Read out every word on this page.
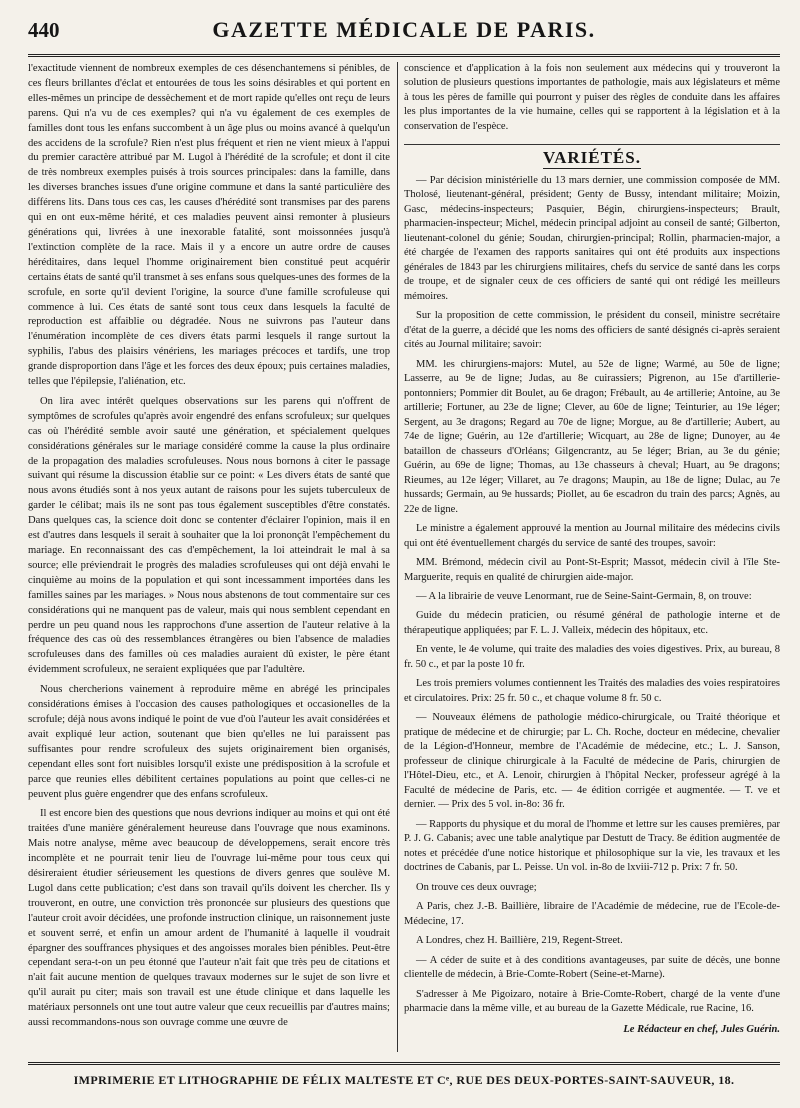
440	GAZETTE MÉDICALE DE PARIS.

l'exactitude viennent de nombreux exemples de ces désenchantemens si pénibles, de ces fleurs brillantes d'éclat et entourées de tous les soins désirables et qui portent en elles-mêmes un principe de dessèchement et de mort rapide qu'elles ont reçu de leurs parens. Qui n'a vu de ces exemples? qui n'a vu également de ces exemples de familles dont tous les enfans succombent à un âge plus ou moins avancé à quelqu'un des accidens de la scrofule? Rien n'est plus fréquent et rien ne vient mieux à l'appui du premier caractère attribué par M. Lugol à l'hérédité de la scrofule; et dont il cite de très nombreux exemples puisés à trois sources principales: dans la famille, dans les diverses branches issues d'une origine commune et dans la santé particulière des différens lits. Dans tous ces cas, les causes d'hérédité sont transmises par des parens qui en ont eux-même hérité, et ces maladies peuvent ainsi remonter à plusieurs générations qui, livrées à une inexorable fatalité, sont moissonnées jusqu'à l'extinction complète de la race. Mais il y a encore un autre ordre de causes héréditaires, dans lequel l'homme originairement bien constitué peut acquérir certains états de santé qu'il transmet à ses enfans sous quelques-unes des formes de la scrofule, en sorte qu'il devient l'origine, la source d'une famille scrofuleuse qui commence à lui. Ces états de santé sont tous ceux dans lesquels la faculté de reproduction est affaiblie ou dégradée. Nous ne suivrons pas l'auteur dans l'énumération incomplète de ces divers états parmi lesquels il range surtout la syphilis, l'abus des plaisirs vénériens, les mariages précoces et tardifs, une trop grande disproportion dans l'âge et les forces des deux époux; puis certaines maladies, telles que l'épilepsie, l'aliénation, etc.

On lira avec intérêt quelques observations sur les parens qui n'offrent de symptômes de scrofules qu'après avoir engendré des enfans scrofuleux; sur quelques cas où l'hérédité semble avoir sauté une génération, et spécialement quelques considérations générales sur le mariage considéré comme la cause la plus ordinaire de la propagation des maladies scrofuleuses. Nous nous bornons à citer le passage suivant qui résume la discussion établie sur ce point: « Les divers états de santé que nous avons étudiés sont à nos yeux autant de raisons pour les sujets tuberculeux de garder le célibat; mais ils ne sont pas tous également susceptibles d'être constatés. Dans quelques cas, la science doit donc se contenter d'éclairer l'opinion, mais il en est d'autres dans lesquels il serait à souhaiter que la loi prononçât l'empêchement du mariage. En reconnaissant des cas d'empêchement, la loi atteindrait le mal à sa source; elle préviendrait le progrès des maladies scrofuleuses qui ont déjà envahi le cinquième au moins de la population et qui sont incessamment importées dans les familles saines par les mariages. » Nous nous abstenons de tout commentaire sur ces considérations qui ne manquent pas de valeur, mais qui nous semblent cependant en perdre un peu quand nous les rapprochons d'une assertion de l'auteur relative à la fréquence des cas où des ressemblances étrangères ou bien l'absence de maladies scrofuleuses dans des familles où ces maladies auraient dû exister, le père étant évidemment scrofuleux, ne seraient expliquées que par l'adultère.

Nous chercherions vainement à reproduire même en abrégé les principales considérations émises à l'occasion des causes pathologiques et occasionelles de la scrofule; déjà nous avons indiqué le point de vue d'où l'auteur les avait considérées et avait expliqué leur action, soutenant que bien qu'elles ne lui paraissent pas suffisantes pour rendre scrofuleux des sujets originairement bien organisés, cependant elles sont fort nuisibles lorsqu'il existe une prédisposition à la scrofule et parce que reunies elles débilitent certaines populations au point que celles-ci ne peuvent plus guère engendrer que des enfans scrofuleux.

Il est encore bien des questions que nous devrions indiquer au moins et qui ont été traitées d'une manière généralement heureuse dans l'ouvrage que nous examinons. Mais notre analyse, même avec beaucoup de développemens, serait encore très incomplète et ne pourrait tenir lieu de l'ouvrage lui-même pour tous ceux qui désireraient étudier sérieusement les questions de divers genres que soulève M. Lugol dans cette publication; c'est dans son travail qu'ils doivent les chercher. Ils y trouveront, en outre, une conviction très prononcée sur plusieurs des questions que l'auteur croit avoir décidées, une profonde instruction clinique, un raisonnement juste et souvent serré, et enfin un amour ardent de l'humanité à laquelle il voudrait épargner des souffrances physiques et des angoisses morales bien pénibles. Peut-être cependant sera-t-on un peu étonné que l'auteur n'ait fait que très peu de citations et n'ait fait aucune mention de quelques travaux modernes sur le sujet de son livre et qu'il aurait pu citer; mais son travail est une étude clinique et dans laquelle les matériaux personnels ont une tout autre valeur que ceux recueillis par d'autres mains; aussi recommandons-nous son ouvrage comme une œuvre de

conscience et d'application à la fois non seulement aux médecins qui y trouveront la solution de plusieurs questions importantes de pathologie, mais aux législateurs et même à tous les pères de famille qui pourront y puiser des règles de conduite dans les affaires les plus importantes de la vie humaine, celles qui se rapportent à la législation et à la conservation de l'espèce.

VARIÉTÉS.

— Par décision ministérielle du 13 mars dernier, une commission composée de MM. Tholosé, lieutenant-général, président; Genty de Bussy, intendant militaire; Moizin, Gasc, médecins-inspecteurs; Pasquier, Bégin, chirurgiens-inspecteurs; Brault, pharmacien-inspecteur; Michel, médecin principal adjoint au conseil de santé; Gilberton, lieutenant-colonel du génie; Soudan, chirurgien-principal; Rollin, pharmacien-major, a été chargée de l'examen des rapports sanitaires qui ont été produits aux inspections générales de 1843 par les chirurgiens militaires, chefs du service de santé dans les corps de troupe, et de signaler ceux de ces officiers de santé qui ont rédigé les meilleurs mémoires.

Sur la proposition de cette commission, le président du conseil, ministre secrétaire d'état de la guerre, a décidé que les noms des officiers de santé désignés ci-après seraient cités au Journal militaire; savoir:

MM. les chirurgiens-majors: Mutel, au 52e de ligne; Warmé, au 50e de ligne; Lasserre, au 9e de ligne; Judas, au 8e cuirassiers; Pigrenon, au 15e d'artillerie-pontonniers; Pommier dit Boulet, au 6e dragon; Frébault, au 4e artillerie; Antoine, au 3e artillerie; Fortuner, au 23e de ligne; Clever, au 60e de ligne; Teinturier, au 19e léger; Sergent, au 3e dragons; Regard au 70e de ligne; Morgue, au 8e d'artillerie; Aubert, au 74e de ligne; Guérin, au 12e d'artillerie; Wicquart, au 28e de ligne; Dunoyer, au 4e bataillon de chasseurs d'Orléans; Gilgencrantz, au 5e léger; Brian, au 3e du génie; Guérin, au 69e de ligne; Thomas, au 13e chasseurs à cheval; Huart, au 9e dragons; Rieumes, au 12e léger; Villaret, au 7e dragons; Maupin, au 18e de ligne; Dulac, au 7e hussards; Germain, au 9e hussards; Piollet, au 6e escadron du train des parcs; Agnès, au 22e de ligne.

Le ministre a également approuvé la mention au Journal militaire des médecins civils qui ont été éventuellement chargés du service de santé des troupes, savoir:

MM. Brémond, médecin civil au Pont-St-Esprit; Massot, médecin civil à l'île Ste-Marguerite, requis en qualité de chirurgien aide-major.

— A la librairie de veuve Lenormant, rue de Seine-Saint-Germain, 8, on trouve:

Guide du médecin praticien, ou résumé général de pathologie interne et de thérapeutique appliquées; par F. L. J. Valleix, médecin des hôpitaux, etc.

En vente, le 4e volume, qui traite des maladies des voies digestives. Prix, au bureau, 8 fr. 50 c., et par la poste 10 fr.

Les trois premiers volumes contiennent les Traités des maladies des voies respiratoires et circulatoires. Prix: 25 fr. 50 c., et chaque volume 8 fr. 50 c.

— Nouveaux élémens de pathologie médico-chirurgicale, ou Traité théorique et pratique de médecine et de chirurgie; par L. Ch. Roche, docteur en médecine, chevalier de la Légion-d'Honneur, membre de l'Académie de médecine, etc.; L. J. Sanson, professeur de clinique chirurgicale à la Faculté de médecine de Paris, chirurgien de l'Hôtel-Dieu, etc., et A. Lenoir, chirurgien à l'hôpital Necker, professeur agrégé à la Faculté de médecine de Paris, etc. — 4e édition corrigée et augmentée. — T. ve et dernier. — Prix des 5 vol. in-8o: 36 fr.

— Rapports du physique et du moral de l'homme et lettre sur les causes premières, par P. J. G. Cabanis; avec une table analytique par Destutt de Tracy. 8e édition augmentée de notes et précédée d'une notice historique et philosophique sur la vie, les travaux et les doctrines de Cabanis, par L. Peisse. Un vol. in-8o de lxviii-712 p. Prix: 7 fr. 50.

On trouve ces deux ouvrage;

A Paris, chez J.-B. Baillière, libraire de l'Académie de médecine, rue de l'Ecole-de-Médecine, 17.

A Londres, chez H. Baillière, 219, Regent-Street.

— A céder de suite et à des conditions avantageuses, par suite de décès, une bonne clientelle de médecin, à Brie-Comte-Robert (Seine-et-Marne).

S'adresser à Me Pigoizaro, notaire à Brie-Comte-Robert, chargé de la vente d'une pharmacie dans la même ville, et au bureau de la Gazette Médicale, rue Racine, 16.

Le Rédacteur en chef, Jules Guérin.
IMPRIMERIE ET LITHOGRAPHIE DE FÉLIX MALTESTE ET Cᵉ, RUE DES DEUX-PORTES-SAINT-SAUVEUR, 18.
